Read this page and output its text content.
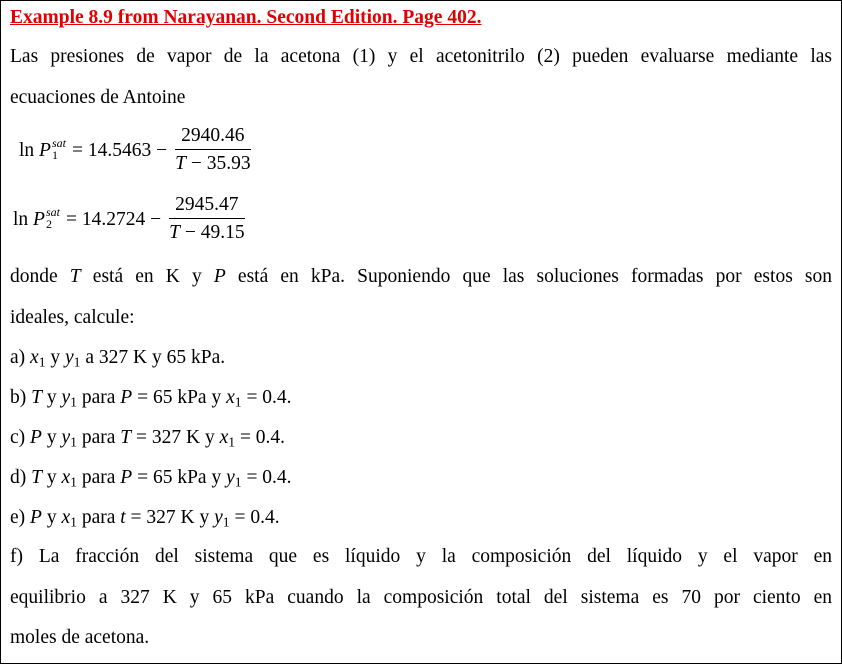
Example 8.9 from Narayanan. Second Edition. Page 402.
Las presiones de vapor de la acetona (1) y el acetonitrilo (2) pueden evaluarse mediante las
ecuaciones de Antoine
ln
P sat
$1 = 14.5463 - \frac{2940.46}{T - 35.93}$
ln
P sat
$2 = 14.2724 - \frac{2945.47}{T - 49.15}$
donde T está en K y P está en kPa. Suponiendo que las soluciones formadas por estos son
ideales, calcule:
a) $x_1$ y $y_1$ a 327 K y 65 kPa.
b) T y $y_1$ para P = 65 kPa y $x_1 = 0.4$.
c) P y $y_1$ para T = 327 K y $x_1 = 0.4$.
d) T y $x_1$ para P = 65 kPa y $y_1 = 0.4$.
e) P y $x_1$ para t = 327 K y $y_1 = 0.4$.
f) La fracción del sistema que es líquido y la composición del líquido y el vapor en
equilibrio a 327 K y 65 kPa cuando la composición total del sistema es 70 por ciento en
moles de acetona.
